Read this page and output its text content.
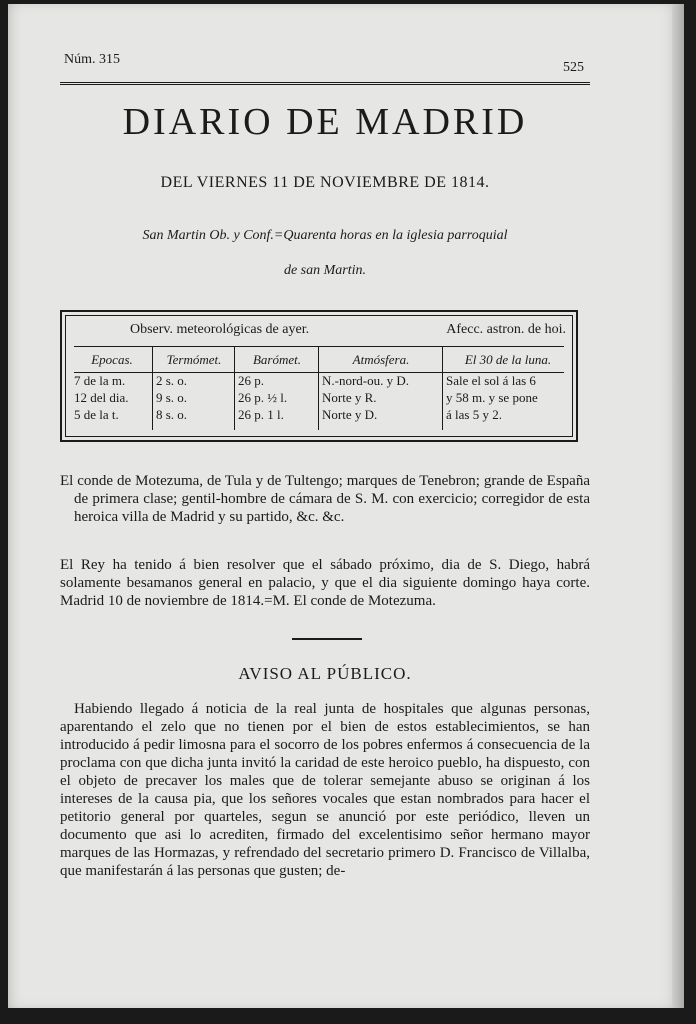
Núm. 315
525
DIARIO DE MADRID
DEL VIERNES 11 DE NOVIEMBRE DE 1814.
San Martin Ob. y Conf.=Quarenta horas en la iglesia parroquial
de san Martin.
Observ. meteorológicas de ayer.	Afecc. astron. de hoi.
Epocas.
7 de la m.
12 del dia.
5 de la t.
Termómet.
2 s. o.
9 s. o.
8 s. o.
Barómet.
26 p.
26 p. ½ l.
26 p. 1 l.
Atmósfera.
N.-nord-ou. y D.
Norte y R.
Norte y D.
El 30 de la luna.
Sale el sol á las 6
y 58 m. y se pone
á las 5 y 2.
El conde de Motezuma, de Tula y de Tultengo; marques de Tenebron; grande de España de primera clase; gentil-hombre de cámara de S. M. con exercicio; corregidor de esta heroica villa de Madrid y su partido, &c. &c.
El Rey ha tenido á bien resolver que el sábado próximo, dia de S. Diego, habrá solamente besamanos general en palacio, y que el dia siguiente domingo haya corte. Madrid 10 de noviembre de 1814.=M. El conde de Motezuma.
AVISO AL PÚBLICO.
Habiendo llegado á noticia de la real junta de hospitales que algunas personas, aparentando el zelo que no tienen por el bien de estos establecimientos, se han introducido á pedir limosna para el socorro de los pobres enfermos á consecuencia de la proclama con que dicha junta invitó la caridad de este heroico pueblo, ha dispuesto, con el objeto de precaver los males que de tolerar semejante abuso se originan á los intereses de la causa pia, que los señores vocales que estan nombrados para hacer el petitorio general por quarteles, segun se anunció por este periódico, lleven un documento que asi lo acrediten, firmado del excelentisimo señor hermano mayor marques de las Hormazas, y refrendado del secretario primero D. Francisco de Villalba, que manifestarán á las personas que gusten; de-
